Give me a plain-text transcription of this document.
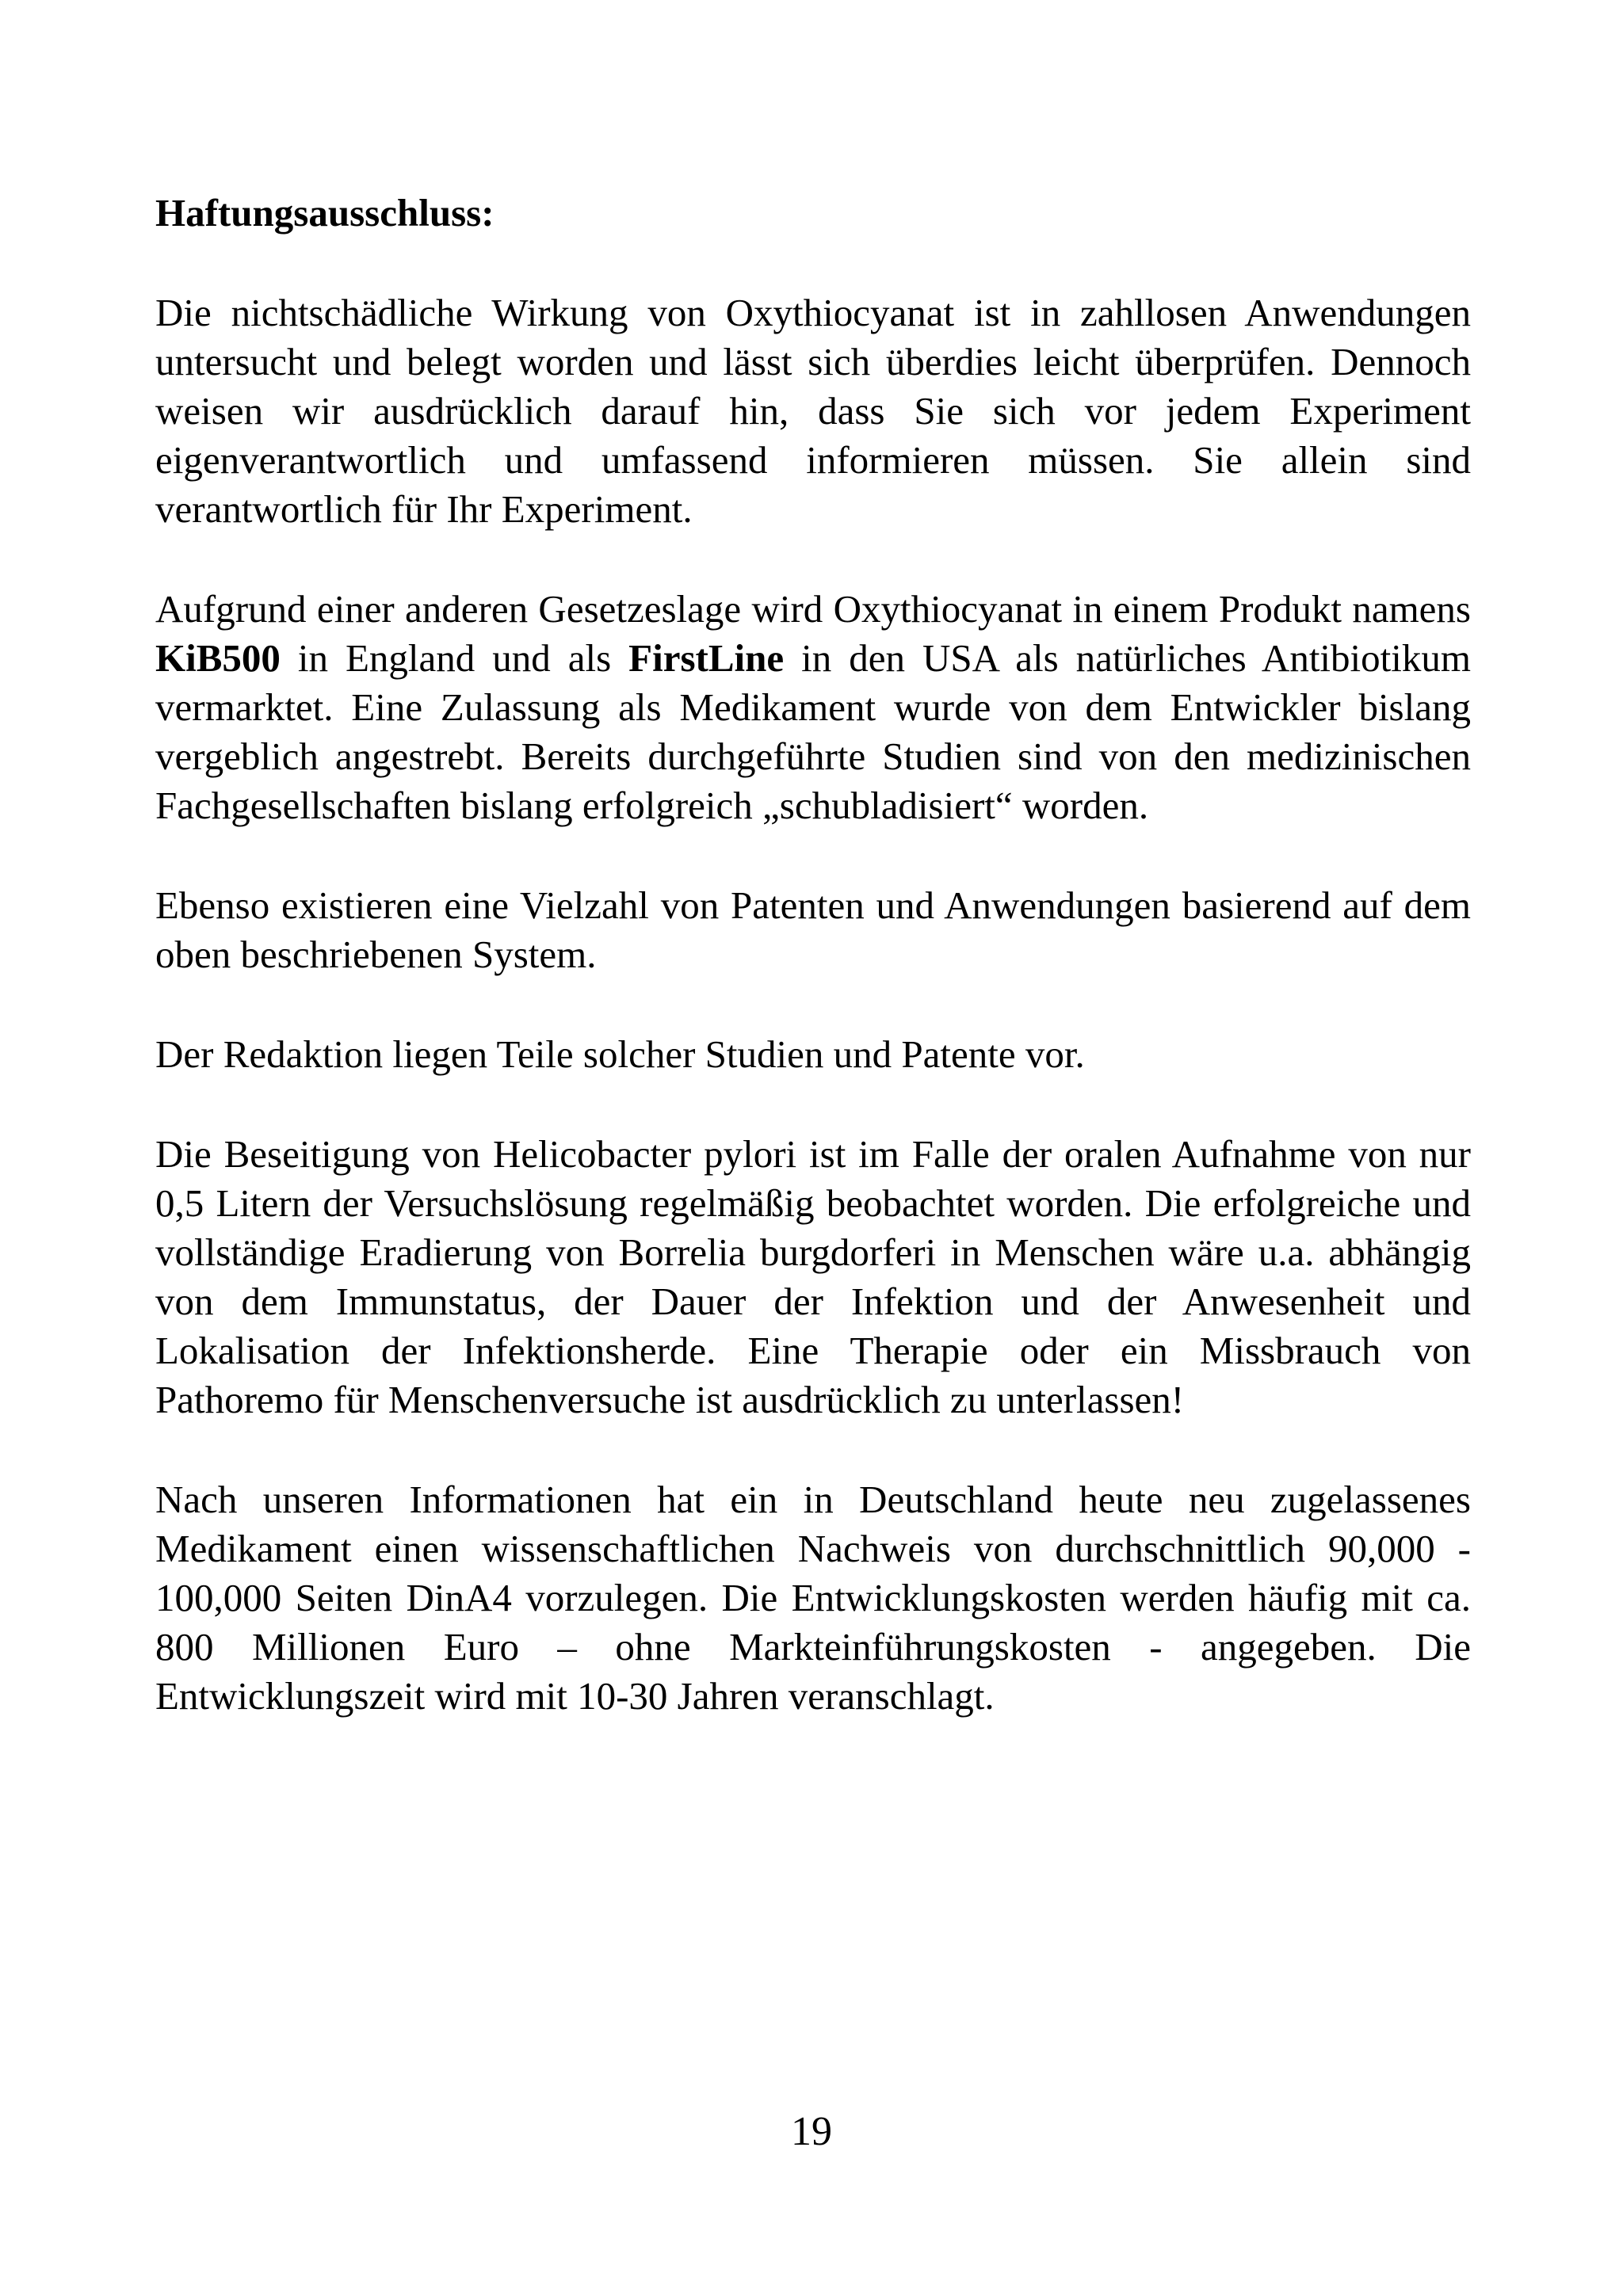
Haftungsausschluss:

Die nichtschädliche Wirkung von Oxythiocyanat ist in zahllosen Anwendungen untersucht und belegt worden und lässt sich überdies leicht überprüfen. Dennoch weisen wir ausdrücklich darauf hin, dass Sie sich vor jedem Experiment eigenverantwortlich und umfassend informieren müssen. Sie allein sind verantwortlich für Ihr Experiment.

Aufgrund einer anderen Gesetzeslage wird Oxythiocyanat in einem Produkt namens KiB500 in England und als FirstLine in den USA als natürliches Antibiotikum vermarktet. Eine Zulassung als Medikament wurde von dem Entwickler bislang vergeblich angestrebt. Bereits durchgeführte Studien sind von den medizinischen Fachgesellschaften bislang erfolgreich „schubladisiert“ worden.

Ebenso existieren eine Vielzahl von Patenten und Anwendungen basierend auf dem oben beschriebenen System.

Der Redaktion liegen Teile solcher Studien und Patente vor.

Die Beseitigung von Helicobacter pylori ist im Falle der oralen Aufnahme von nur 0,5 Litern der Versuchslösung regelmäßig beobachtet worden. Die erfolgreiche und vollständige Eradierung von Borrelia burgdorferi in Menschen wäre u.a. abhängig von dem Immunstatus, der Dauer der Infektion und der Anwesenheit und Lokalisation der Infektionsherde. Eine Therapie oder ein Missbrauch von Pathoremo für Menschenversuche ist ausdrücklich zu unterlassen!

Nach unseren Informationen hat ein in Deutschland heute neu zugelassenes Medikament einen wissenschaftlichen Nachweis von durchschnittlich 90,000 - 100,000 Seiten DinA4 vorzulegen. Die Entwicklungskosten werden häufig mit ca. 800 Millionen Euro – ohne Markteinführungskosten - angegeben. Die Entwicklungszeit wird mit 10-30 Jahren veranschlagt.

19
